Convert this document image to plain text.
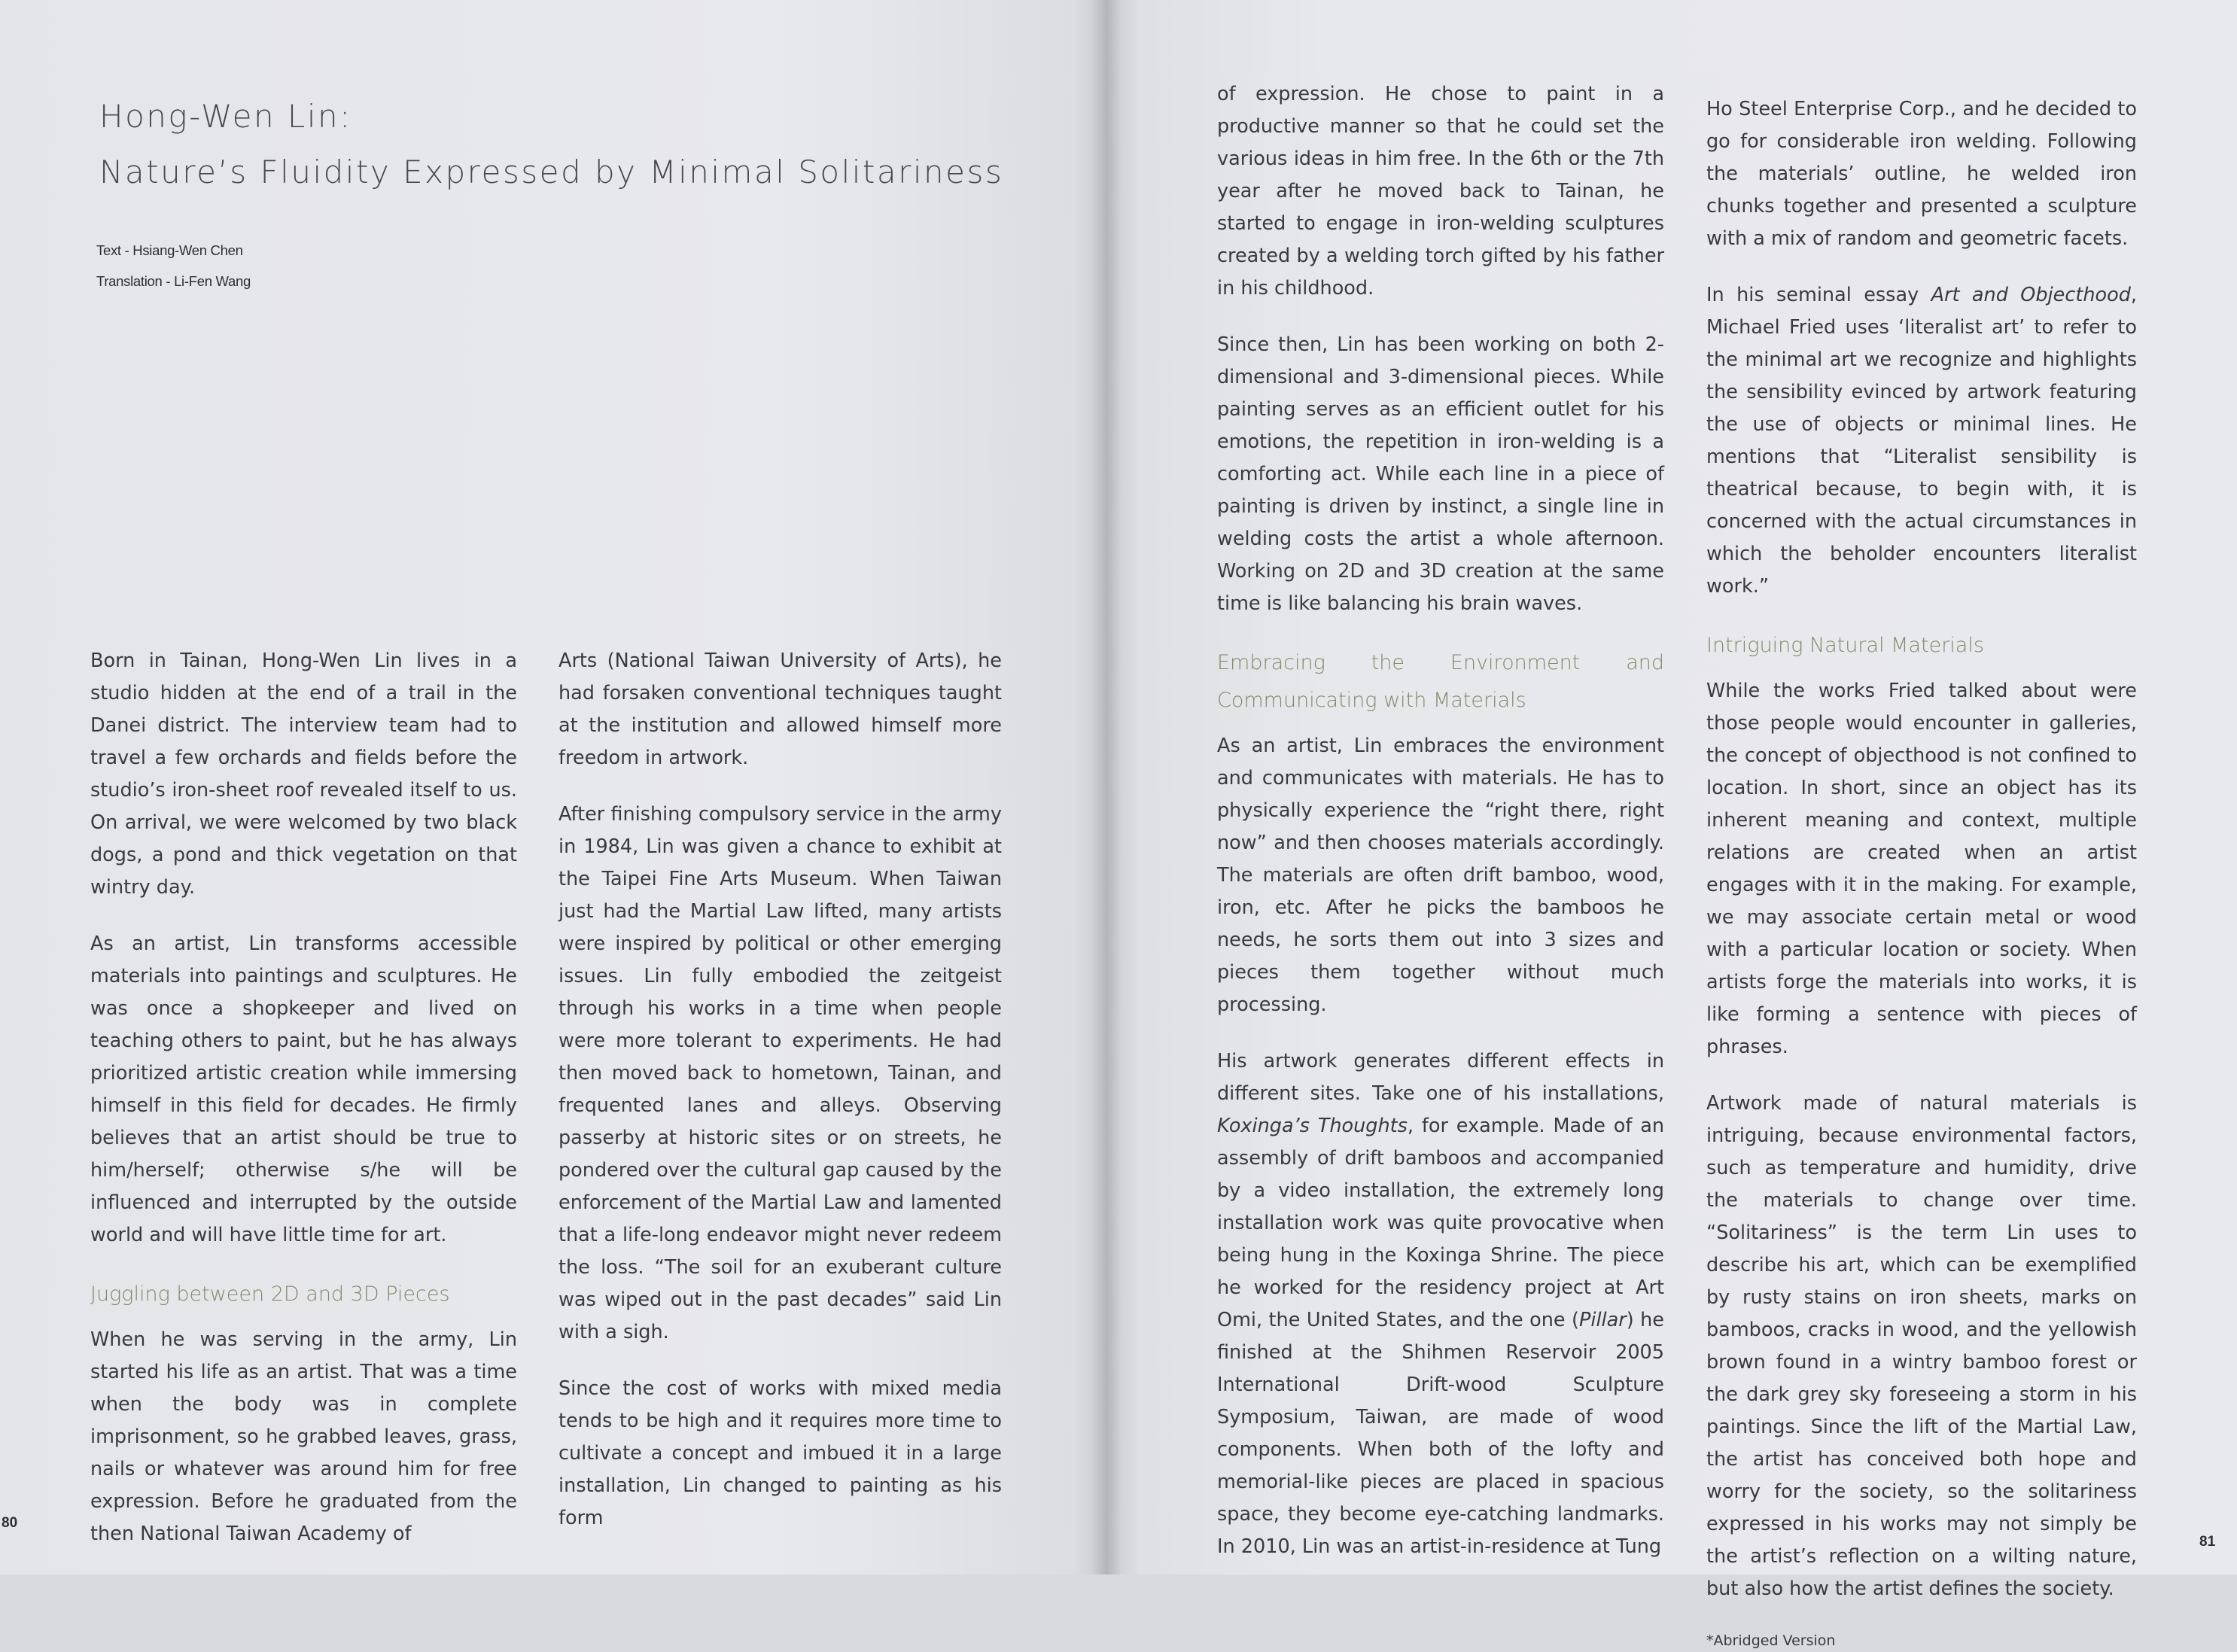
Hong-Wen Lin:
Nature’s Fluidity Expressed by Minimal Solitariness
Text - Hsiang-Wen Chen
Translation - Li-Fen Wang

Born in Tainan, Hong-Wen Lin lives in a studio hidden at the end of a trail in the Danei district. The interview team had to travel a few orchards and fields before the studio’s iron-sheet roof revealed itself to us. On arrival, we were welcomed by two black dogs, a pond and thick vegetation on that wintry day.

As an artist, Lin transforms accessible materials into paintings and sculptures. He was once a shopkeeper and lived on teaching others to paint, but he has always prioritized artistic creation while immersing himself in this field for decades. He firmly believes that an artist should be true to him/herself; otherwise s/he will be influenced and interrupted by the outside world and will have little time for art.

Juggling between 2D and 3D Pieces

When he was serving in the army, Lin started his life as an artist. That was a time when the body was in complete imprisonment, so he grabbed leaves, grass, nails or whatever was around him for free expression. Before he graduated from the then National Taiwan Academy of

Arts (National Taiwan University of Arts), he had forsaken conventional techniques taught at the institution and allowed himself more freedom in artwork.

After finishing compulsory service in the army in 1984, Lin was given a chance to exhibit at the Taipei Fine Arts Museum. When Taiwan just had the Martial Law lifted, many artists were inspired by political or other emerging issues. Lin fully embodied the zeitgeist through his works in a time when people were more tolerant to experiments. He had then moved back to hometown, Tainan, and frequented lanes and alleys. Observing passerby at historic sites or on streets, he pondered over the cultural gap caused by the enforcement of the Martial Law and lamented that a life-long endeavor might never redeem the loss. “The soil for an exuberant culture was wiped out in the past decades” said Lin with a sigh.

Since the cost of works with mixed media tends to be high and it requires more time to cultivate a concept and imbued it in a large installation, Lin changed to painting as his form

80

of expression. He chose to paint in a productive manner so that he could set the various ideas in him free. In the 6th or the 7th year after he moved back to Tainan, he started to engage in iron-welding sculptures created by a welding torch gifted by his father in his childhood.

Since then, Lin has been working on both 2-dimensional and 3-dimensional pieces. While painting serves as an efficient outlet for his emotions, the repetition in iron-welding is a comforting act. While each line in a piece of painting is driven by instinct, a single line in welding costs the artist a whole afternoon. Working on 2D and 3D creation at the same time is like balancing his brain waves.

Embracing the Environment and Communicating with Materials

As an artist, Lin embraces the environment and communicates with materials. He has to physically experience the “right there, right now” and then chooses materials accordingly. The materials are often drift bamboo, wood, iron, etc. After he picks the bamboos he needs, he sorts them out into 3 sizes and pieces them together without much processing.

His artwork generates different effects in different sites. Take one of his installations, Koxinga’s Thoughts, for example. Made of an assembly of drift bamboos and accompanied by a video installation, the extremely long installation work was quite provocative when being hung in the Koxinga Shrine. The piece he worked for the residency project at Art Omi, the United States, and the one (Pillar) he finished at the Shihmen Reservoir 2005 International Drift-wood Sculpture Symposium, Taiwan, are made of wood components. When both of the lofty and memorial-like pieces are placed in spacious space, they become eye-catching landmarks. In 2010, Lin was an artist-in-residence at Tung

Ho Steel Enterprise Corp., and he decided to go for considerable iron welding. Following the materials’ outline, he welded iron chunks together and presented a sculpture with a mix of random and geometric facets.

In his seminal essay Art and Objecthood, Michael Fried uses ‘literalist art’ to refer to the minimal art we recognize and highlights the sensibility evinced by artwork featuring the use of objects or minimal lines. He mentions that “Literalist sensibility is theatrical because, to begin with, it is concerned with the actual circumstances in which the beholder encounters literalist work.”

Intriguing Natural Materials

While the works Fried talked about were those people would encounter in galleries, the concept of objecthood is not confined to location. In short, since an object has its inherent meaning and context, multiple relations are created when an artist engages with it in the making. For example, we may associate certain metal or wood with a particular location or society. When artists forge the materials into works, it is like forming a sentence with pieces of phrases.

Artwork made of natural materials is intriguing, because environmental factors, such as temperature and humidity, drive the materials to change over time. “Solitariness” is the term Lin uses to describe his art, which can be exemplified by rusty stains on iron sheets, marks on bamboos, cracks in wood, and the yellowish brown found in a wintry bamboo forest or the dark grey sky foreseeing a storm in his paintings. Since the lift of the Martial Law, the artist has conceived both hope and worry for the society, so the solitariness expressed in his works may not simply be the artist’s reflection on a wilting nature, but also how the artist defines the society.

*Abridged Version
81
